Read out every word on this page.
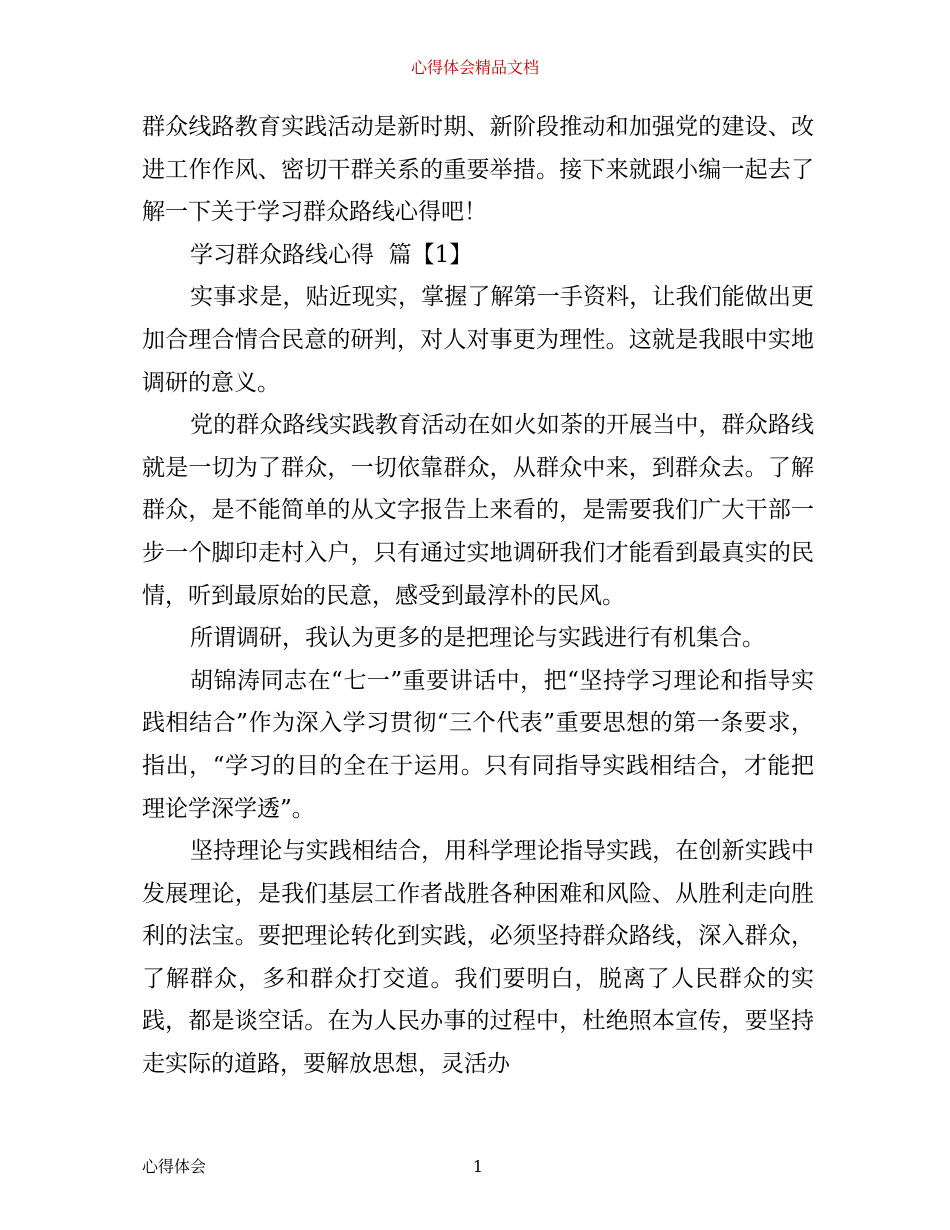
心得体会精品文档

群众线路教育实践活动是新时期、新阶段推动和加强党的建设、改进工作作风、密切干群关系的重要举措。接下来就跟小编一起去了解一下关于学习群众路线心得吧！

学习群众路线心得  篇【1】

实事求是，贴近现实，掌握了解第一手资料，让我们能做出更加合理合情合民意的研判，对人对事更为理性。这就是我眼中实地调研的意义。

党的群众路线实践教育活动在如火如荼的开展当中，群众路线就是一切为了群众，一切依靠群众，从群众中来，到群众去。了解群众，是不能简单的从文字报告上来看的，是需要我们广大干部一步一个脚印走村入户，只有通过实地调研我们才能看到最真实的民情，听到最原始的民意，感受到最淳朴的民风。

所谓调研，我认为更多的是把理论与实践进行有机集合。

胡锦涛同志在“七一”重要讲话中，把“坚持学习理论和指导实践相结合”作为深入学习贯彻“三个代表”重要思想的第一条要求，指出，“学习的目的全在于运用。只有同指导实践相结合，才能把理论学深学透”。

坚持理论与实践相结合，用科学理论指导实践，在创新实践中发展理论，是我们基层工作者战胜各种困难和风险、从胜利走向胜利的法宝。要把理论转化到实践，必须坚持群众路线，深入群众，了解群众，多和群众打交道。我们要明白，脱离了人民群众的实践，都是谈空话。在为人民办事的过程中，杜绝照本宣传，要坚持走实际的道路，要解放思想，灵活办

心得体会	1
